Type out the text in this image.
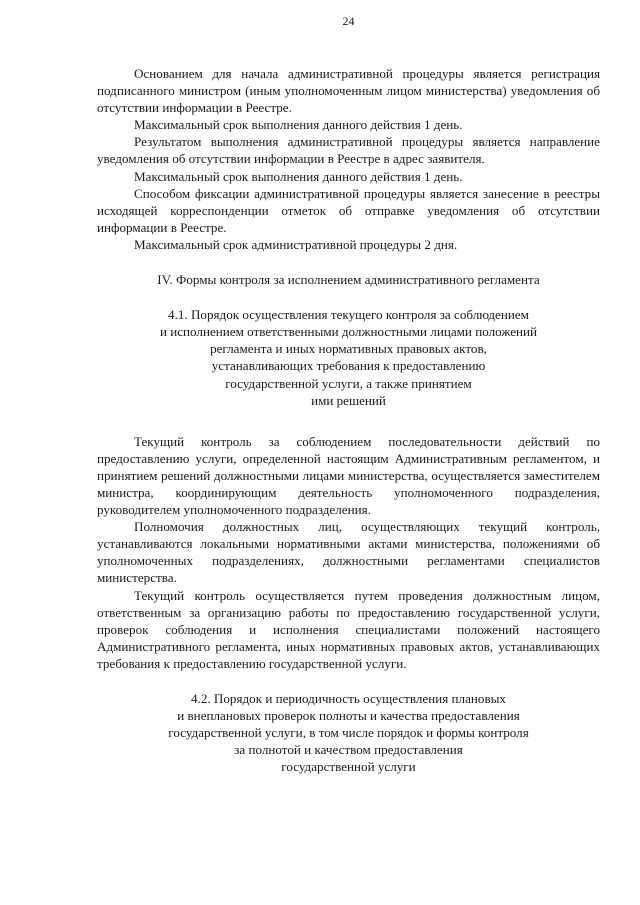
24

Основанием для начала административной процедуры является регистрация подписанного министром (иным уполномоченным лицом министерства) уведомления об отсутствии информации в Реестре.

Максимальный срок выполнения данного действия 1 день.

Результатом выполнения административной процедуры является направление уведомления об отсутствии информации в Реестре в адрес заявителя.

Максимальный срок выполнения данного действия 1 день.

Способом фиксации административной процедуры является занесение в реестры исходящей корреспонденции отметок об отправке уведомления об отсутствии информации в Реестре.

Максимальный срок административной процедуры 2 дня.

IV. Формы контроля за исполнением административного регламента

4.1. Порядок осуществления текущего контроля за соблюдением
и исполнением ответственными должностными лицами положений
регламента и иных нормативных правовых актов,
устанавливающих требования к предоставлению
государственной услуги, а также принятием
ими решений

Текущий контроль за соблюдением последовательности действий по предоставлению услуги, определенной настоящим Административным регламентом, и принятием решений должностными лицами министерства, осуществляется заместителем министра, координирующим деятельность уполномоченного подразделения, руководителем уполномоченного подразделения.

Полномочия должностных лиц, осуществляющих текущий контроль, устанавливаются локальными нормативными актами министерства, положениями об уполномоченных подразделениях, должностными регламентами специалистов министерства.

Текущий контроль осуществляется путем проведения должностным лицом, ответственным за организацию работы по предоставлению государственной услуги, проверок соблюдения и исполнения специалистами положений настоящего Административного регламента, иных нормативных правовых актов, устанавливающих требования к предоставлению государственной услуги.

4.2. Порядок и периодичность осуществления плановых
и внеплановых проверок полноты и качества предоставления
государственной услуги, в том числе порядок и формы контроля
за полнотой и качеством предоставления
государственной услуги
